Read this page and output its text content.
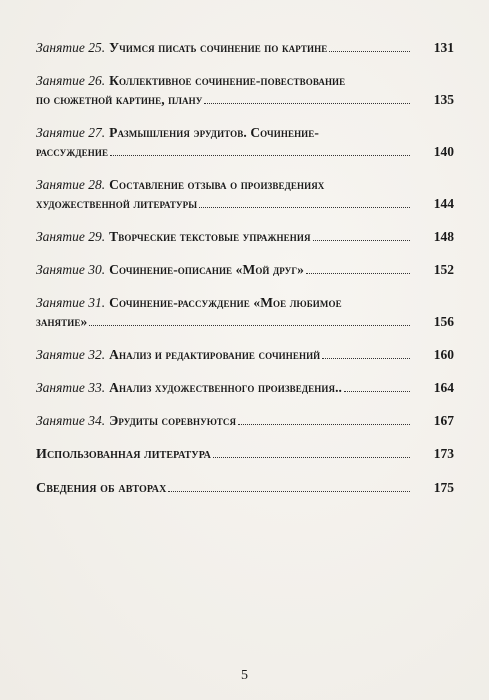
Занятие 25. Учимся писать сочинение по картине	131
Занятие 26. Коллективное сочинение-повествование
по сюжетной картине, плану	135
Занятие 27. Размышления эрудитов. Сочинение-
рассуждение	140
Занятие 28. Составление отзыва о произведениях
художественной литературы	144
Занятие 29. Творческие текстовые упражнения	148
Занятие 30. Сочинение-описание «Мой друг»	152
Занятие 31. Сочинение-рассуждение «Мое любимое
занятие»	156
Занятие 32. Анализ и редактирование сочинений	160
Занятие 33. Анализ художественного произведения..	164
Занятие 34. Эрудиты соревнуются	167
Использованная литература	173
Сведения об авторах	175
5
